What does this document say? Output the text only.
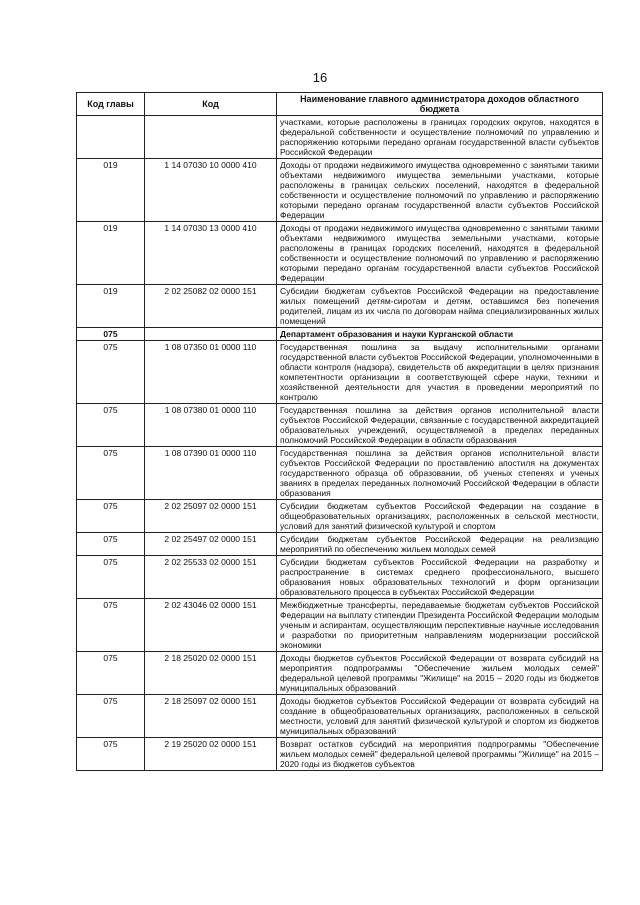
16
Код главы	Код	Наименование главного администратора доходов областного бюджета
		участками, которые расположены в границах городских округов, находятся в федеральной собственности и осуществление полномочий по управлению и распоряжению которыми передано органам государственной власти субъектов Российской Федерации
019	1 14 07030 10 0000 410	Доходы от продажи недвижимого имущества одновременно с занятыми такими объектами недвижимого имущества земельными участками, которые расположены в границах сельских поселений, находятся в федеральной собственности и осуществление полномочий по управлению и распоряжению которыми передано органам государственной власти субъектов Российской Федерации
019	1 14 07030 13 0000 410	Доходы от продажи недвижимого имущества одновременно с занятыми такими объектами недвижимого имущества земельными участками, которые расположены в границах городских поселений, находятся в федеральной собственности и осуществление полномочий по управлению и распоряжению которыми передано органам государственной власти субъектов Российской Федерации
019	2 02 25082 02 0000 151	Субсидии бюджетам субъектов Российской Федерации на предоставление жилых помещений детям-сиротам и детям, оставшимся без попечения родителей, лицам из их числа по договорам найма специализированных жилых помещений
075		Департамент образования и науки Курганской области
075	1 08 07350 01 0000 110	Государственная пошлина за выдачу исполнительными органами государственной власти субъектов Российской Федерации, уполномоченными в области контроля (надзора), свидетельств об аккредитации в целях признания компетентности организации в соответствующей сфере науки, техники и хозяйственной деятельности для участия в проведении мероприятий по контролю
075	1 08 07380 01 0000 110	Государственная пошлина за действия органов исполнительной власти субъектов Российской Федерации, связанные с государственной аккредитацией образовательных учреждений, осуществляемой в пределах переданных полномочий Российской Федерации в области образования
075	1 08 07390 01 0000 110	Государственная пошлина за действия органов исполнительной власти субъектов Российской Федерации по проставлению апостиля на документах государственного образца об образовании, об ученых степенях и ученых званиях в пределах переданных полномочий Российской Федерации в области образования
075	2 02 25097 02 0000 151	Субсидии бюджетам субъектов Российской Федерации на создание в общеобразовательных организациях, расположенных в сельской местности, условий для занятий физической культурой и спортом
075	2 02 25497 02 0000 151	Субсидии бюджетам субъектов Российской Федерации на реализацию мероприятий по обеспечению жильем молодых семей
075	2 02 25533 02 0000 151	Субсидии бюджетам субъектов Российской Федерации на разработку и распространение в системах среднего профессионального, высшего образования новых образовательных технологий и форм организации образовательного процесса в субъектах Российской Федерации
075	2 02 43046 02 0000 151	Межбюджетные трансферты, передаваемые бюджетам субъектов Российской Федерации на выплату стипендии Президента Российской Федерации молодым ученым и аспирантам, осуществляющим перспективные научные исследования и разработки по приоритетным направлениям модернизации российской экономики
075	2 18 25020 02 0000 151	Доходы бюджетов субъектов Российской Федерации от возврата субсидий на мероприятия подпрограммы "Обеспечение жильем молодых семей" федеральной целевой программы "Жилище" на 2015 – 2020 годы из бюджетов муниципальных образований
075	2 18 25097 02 0000 151	Доходы бюджетов субъектов Российской Федерации от возврата субсидий на создание в общеобразовательных организациях, расположенных в сельской местности, условий для занятий физической культурой и спортом из бюджетов муниципальных образований
075	2 19 25020 02 0000 151	Возврат остатков субсидий на мероприятия подпрограммы "Обеспечение жильем молодых семей" федеральной целевой программы "Жилище" на 2015 – 2020 годы из бюджетов субъектов
